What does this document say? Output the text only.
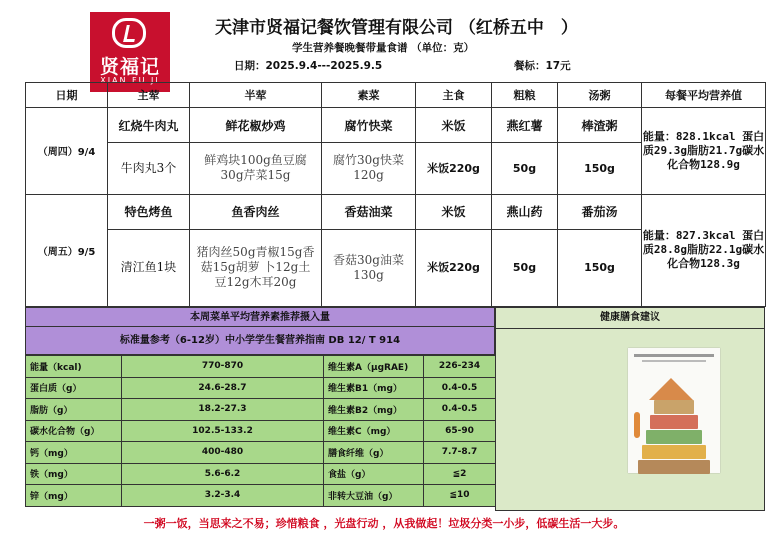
贤福记
XIAN FU JI
天津市贤福记餐饮管理有限公司 （红桥五中　）
学生营养餐晚餐带量食谱 （单位：克）
日期：2025.9.4---2025.9.5	餐标：17元
日期	主荤	半荤	素菜	主食	粗粮	汤粥	每餐平均营养值
（周四）9/4	红烧牛肉丸	鲜花椒炒鸡	腐竹快菜	米饭	燕红薯	棒渣粥	能量：828.1kcal 蛋白质29.3g脂肪21.7g碳水化合物128.9g
	牛肉丸3个	鲜鸡块100g鱼豆腐30g芹菜15g	腐竹30g快菜120g	米饭220g	50g	150g	
（周五）9/5	特色烤鱼	鱼香肉丝	香菇油菜	米饭	燕山药	番茄汤	能量：827.3kcal 蛋白质28.8g脂肪22.1g碳水化合物128.3g
	清江鱼1块	猪肉丝50g青椒15g香菇15g胡萝 卜12g土豆12g木耳20g	香菇30g油菜130g	米饭220g	50g	150g	
本周菜单平均营养素推荐摄入量
标准量参考（6-12岁）中小学学生餐营养指南 DB 12/ T 914
能量（kcal)	770-870	维生素A（μgRAE)	226-234
蛋白质（g）	24.6-28.7	维生素B1（mg）	0.4-0.5
脂肪（g）	18.2-27.3	维生素B2（mg）	0.4-0.5
碳水化合物（g）	102.5-133.2	维生素C（mg）	65-90
钙（mg）	400-480	膳食纤维（g）	7.7-8.7
铁（mg）	5.6-6.2	食盐（g）	≦2
锌（mg）	3.2-3.4	非转大豆油（g）	≦10
健康膳食建议
一粥一饭，当思来之不易；珍惜粮食 ，光盘行动 ，从我做起！垃圾分类一小步，低碳生活一大步。
